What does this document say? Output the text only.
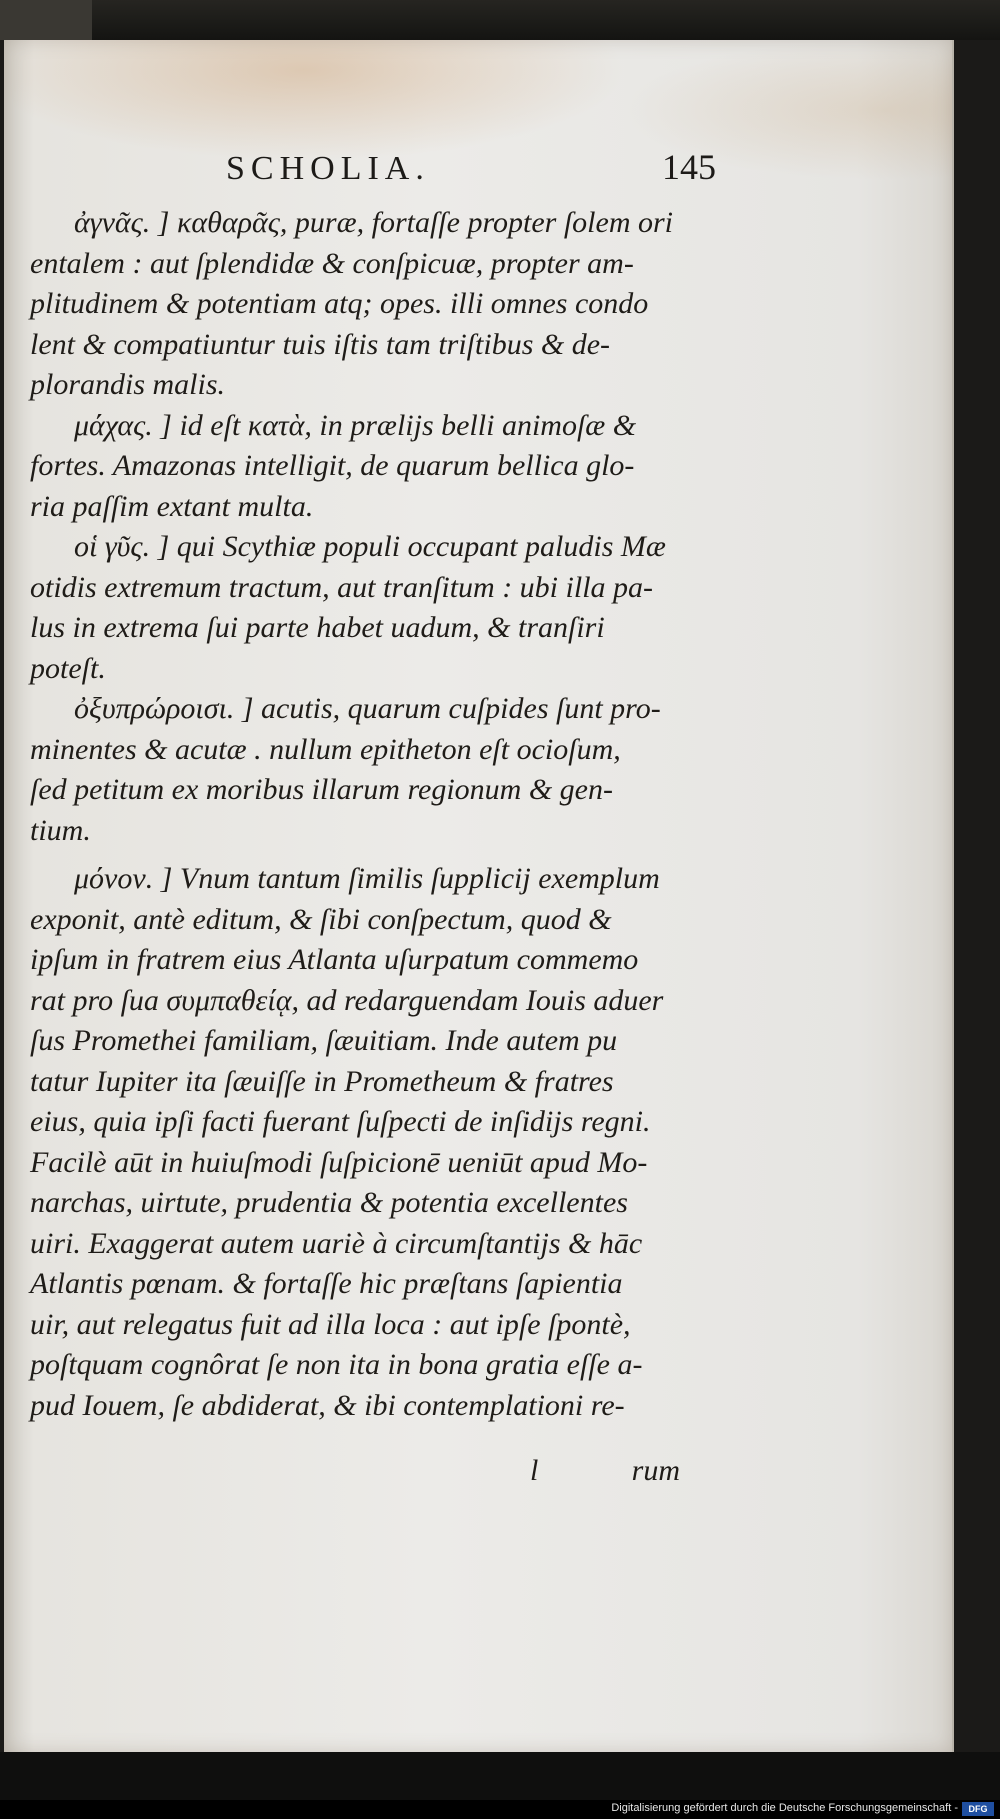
SCHOLIA.	145
ἀγνᾶς. ] καθαρᾶς, puræ, fortaſſe propter ſolem ori
entalem : aut ſplendidæ & conſpicuæ, propter am-
plitudinem & potentiam atq; opes. illi omnes condo
lent & compatiuntur tuis iſtis tam triſtibus & de-
plorandis malis.
μάχας. ] id eſt κατὰ, in prælijs belli animoſæ &
fortes. Amazonas intelligit, de quarum bellica glo-
ria paſſim extant multa.
οἱ γῦς. ] qui Scythiæ populi occupant paludis Mæ
otidis extremum tractum, aut tranſitum : ubi illa pa-
lus in extrema ſui parte habet uadum, & tranſiri
poteſt.
ὀξυπρώροισι. ] acutis, quarum cuſpides ſunt pro-
minentes & acutæ . nullum epitheton eſt ocioſum,
ſed petitum ex moribus illarum regionum & gen-
tium.
μόνον. ] Vnum tantum ſimilis ſupplicij exemplum
exponit, antè editum, & ſibi conſpectum, quod &
ipſum in fratrem eius Atlanta uſurpatum commemo
rat pro ſua συμπαθείᾳ, ad redarguendam Iouis aduer
ſus Promethei familiam, ſæuitiam. Inde autem pu
tatur Iupiter ita ſæuiſſe in Prometheum & fratres
eius, quia ipſi facti fuerant ſuſpecti de inſidijs regni.
Facilè aūt in huiuſmodi ſuſpicionē ueniūt apud Mo-
narchas, uirtute, prudentia & potentia excellentes
uiri. Exaggerat autem uariè à circumſtantijs & hāc
Atlantis pœnam. & fortaſſe hic præſtans ſapientia
uir, aut relegatus fuit ad illa loca : aut ipſe ſpontè,
poſtquam cognôrat ſe non ita in bona gratia eſſe a-
pud Iouem, ſe abdiderat, & ibi contemplationi re-
l	rum
Digitalisierung gefördert durch die Deutsche Forschungsgemeinschaft -	DFG
